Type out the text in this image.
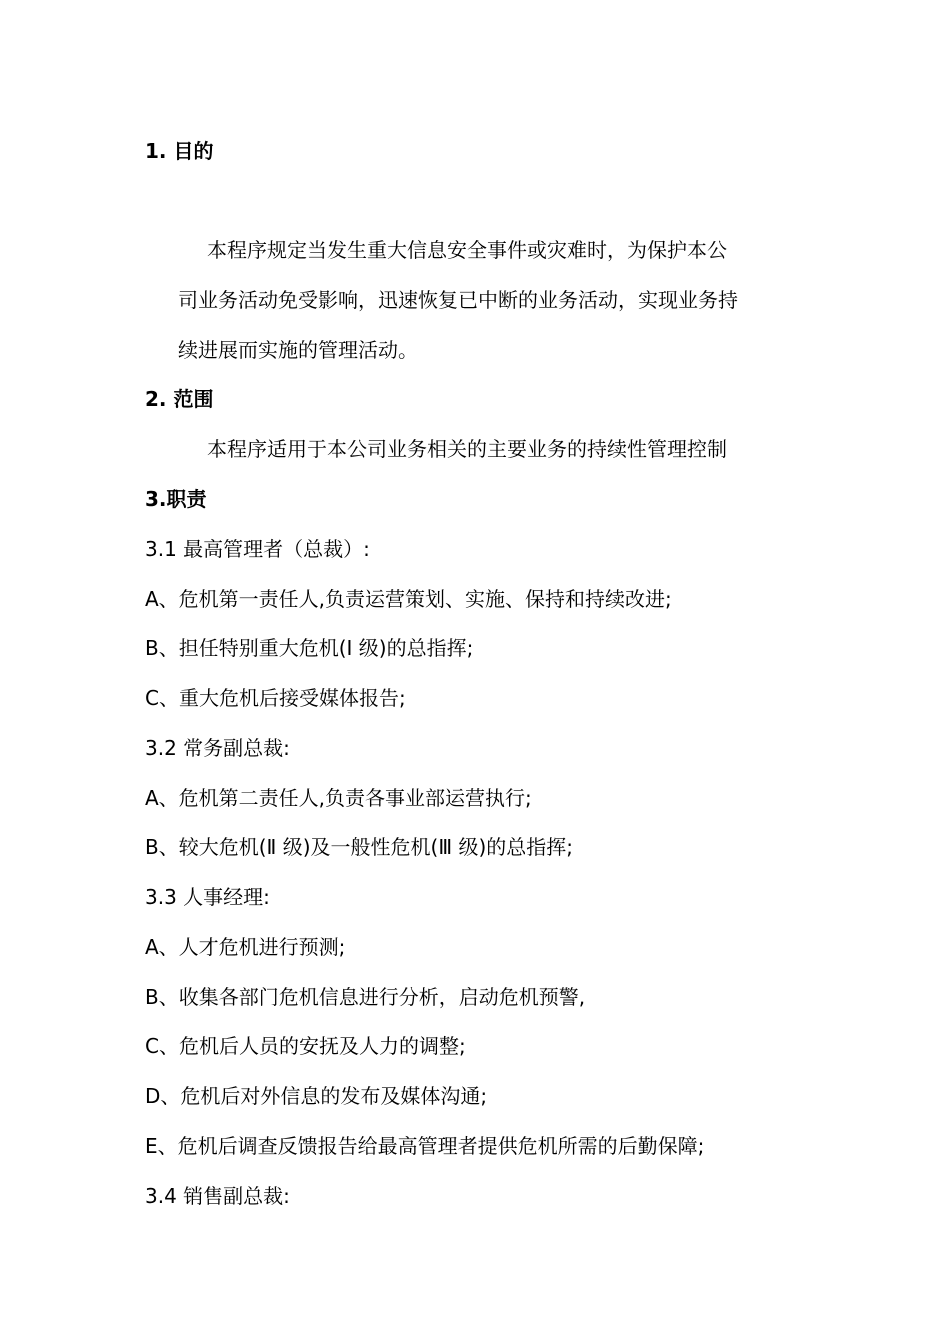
1. 目的
本程序规定当发生重大信息安全事件或灾难时，为保护本公
司业务活动免受影响，迅速恢复已中断的业务活动，实现业务持
续进展而实施的管理活动。
2. 范围
本程序适用于本公司业务相关的主要业务的持续性管理控制
3.职责
3.1 最高管理者（总裁）:
A、危机第一责任人,负责运营策划、实施、保持和持续改进;
B、担任特别重大危机(Ⅰ 级)的总指挥;
C、重大危机后接受媒体报告;
3.2 常务副总裁:
A、危机第二责任人,负责各事业部运营执行;
B、较大危机(Ⅱ 级)及一般性危机(Ⅲ 级)的总指挥;
3.3 人事经理:
A、人才危机进行预测;
B、收集各部门危机信息进行分析，启动危机预警,
C、危机后人员的安抚及人力的调整;
D、危机后对外信息的发布及媒体沟通;
E、危机后调查反馈报告给最高管理者提供危机所需的后勤保障;
3.4 销售副总裁:
